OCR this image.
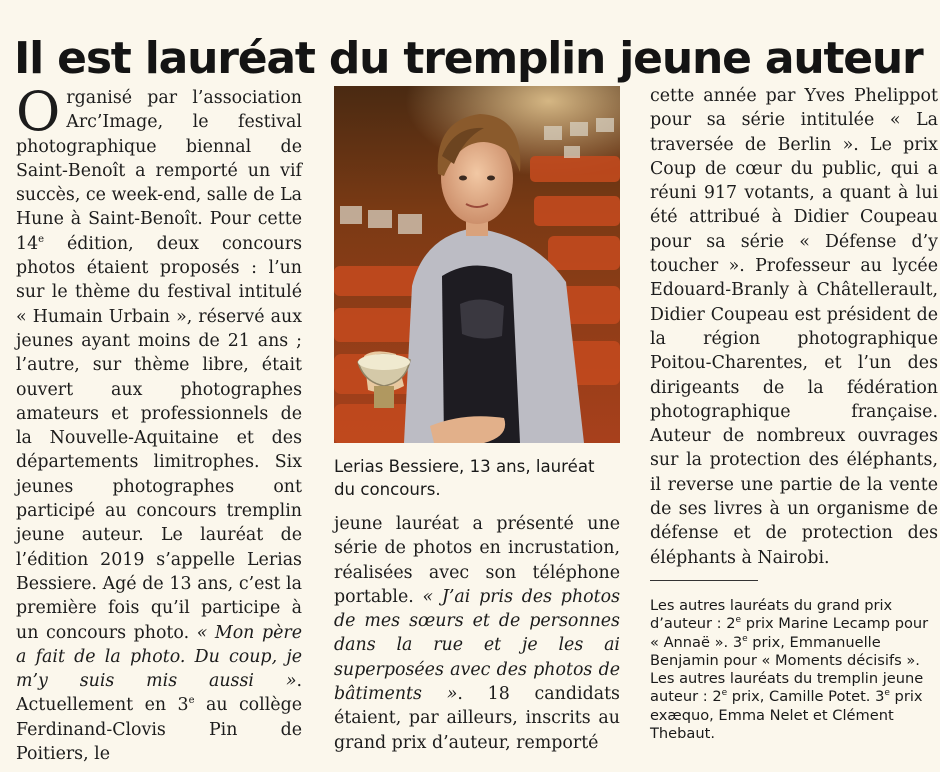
Il est lauréat du tremplin jeune auteur

Organisé par l’association Arc’Image, le festival photographique biennal de Saint-Benoît a remporté un vif succès, ce week-end, salle de La Hune à Saint-Benoît. Pour cette 14e édition, deux concours photos étaient proposés : l’un sur le thème du festival intitulé « Humain Urbain », réservé aux jeunes ayant moins de 21 ans ; l’autre, sur thème libre, était ouvert aux photographes amateurs et professionnels de la Nouvelle-Aquitaine et des départements limitrophes. Six jeunes photographes ont participé au concours tremplin jeune auteur. Le lauréat de l’édition 2019 s’appelle Lerias Bessiere. Agé de 13 ans, c’est la première fois qu’il participe à un concours photo. « Mon père a fait de la photo. Du coup, je m’y suis mis aussi ». Actuellement en 3e au collège Ferdinand-Clovis Pin de Poitiers, le

Lerias Bessiere, 13 ans, lauréat du concours.

jeune lauréat a présenté une série de photos en incrustation, réalisées avec son téléphone portable. « J’ai pris des photos de mes sœurs et de personnes dans la rue et je les ai superposées avec des photos de bâtiments ». 18 candidats étaient, par ailleurs, inscrits au grand prix d’auteur, remporté

cette année par Yves Phelippot pour sa série intitulée « La traversée de Berlin ». Le prix Coup de cœur du public, qui a réuni 917 votants, a quant à lui été attribué à Didier Coupeau pour sa série « Défense d’y toucher ». Professeur au lycée Edouard-Branly à Châtellerault, Didier Coupeau est président de la région photographique Poitou-Charentes, et l’un des dirigeants de la fédération photographique française. Auteur de nombreux ouvrages sur la protection des éléphants, il reverse une partie de la vente de ses livres à un organisme de défense et de protection des éléphants à Nairobi.

Les autres lauréats du grand prix d’auteur : 2e prix Marine Lecamp pour « Annaë ». 3e prix, Emmanuelle Benjamin pour « Moments décisifs ». Les autres lauréats du tremplin jeune auteur : 2e prix, Camille Potet. 3e prix exæquo, Emma Nelet et Clément Thebaut.
